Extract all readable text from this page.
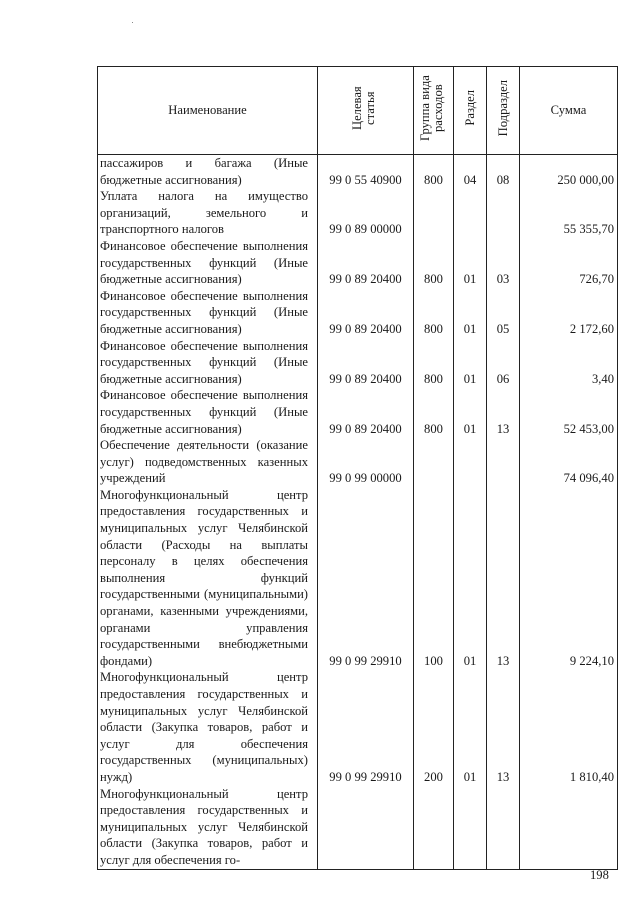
Наименование	Целевая статья	Группа вида расходов	Раздел	Подраздел	Сумма

пассажиров и багажа (Иные бюджетные ассигнования)	99 0 55 40900	800	04	08	250 000,00

Уплата налога на имущество организаций, земельного и транспортного налогов	99 0 89 00000				55 355,70

Финансовое обеспечение выполнения государственных функций (Иные бюджетные ассигнования)	99 0 89 20400	800	01	03	726,70

Финансовое обеспечение выполнения государственных функций (Иные бюджетные ассигнования)	99 0 89 20400	800	01	05	2 172,60

Финансовое обеспечение выполнения государственных функций (Иные бюджетные ассигнования)	99 0 89 20400	800	01	06	3,40

Финансовое обеспечение выполнения государственных функций (Иные бюджетные ассигнования)	99 0 89 20400	800	01	13	52 453,00

Обеспечение деятельности (оказание услуг) подведомственных казенных учреждений	99 0 99 00000				74 096,40

Многофункциональный центр предоставления государственных и муниципальных услуг Челябинской области (Расходы на выплаты персоналу в целях обеспечения выполнения функций государственными (муниципальными) органами, казенными учреждениями, органами управления государственными внебюджетными фондами)	99 0 99 29910	100	01	13	9 224,10

Многофункциональный центр предоставления государственных и муниципальных услуг Челябинской области (Закупка товаров, работ и услуг для обеспечения государственных (муниципальных) нужд)	99 0 99 29910	200	01	13	1 810,40

Многофункциональный центр предоставления государственных и муниципальных услуг Челябинской области (Закупка товаров, работ и услуг для обеспечения го-					

198
